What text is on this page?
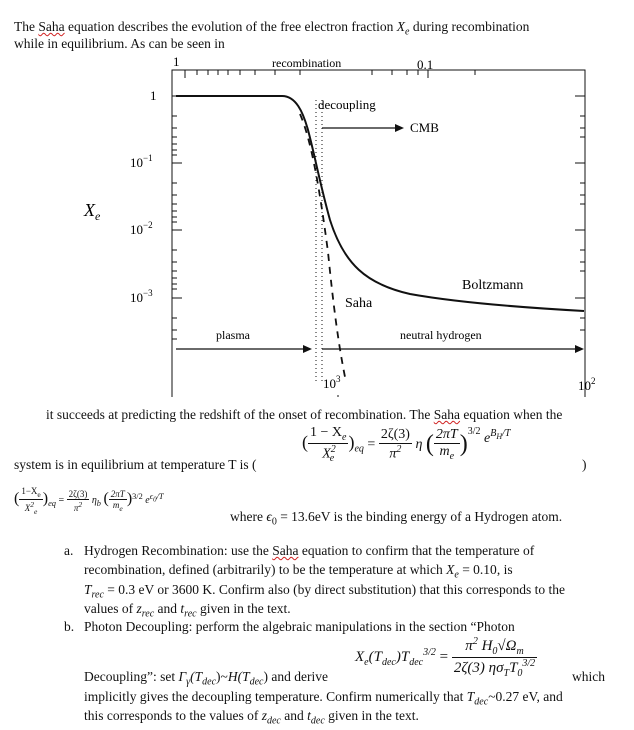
The Saha equation describes the evolution of the free electron fraction $X_e$ during recombination
while in equilibrium. As can be seen in
1	recombination	0.1
1
$10^{-1}$
$10^{-2}$
$10^{-3}$
$X_e$
decoupling
CMB
Boltzmann
Saha
plasma	neutral hydrogen
$10^3$	$10^2$
it succeeds at predicting the redshift of the onset of recombination. The Saha equation when the
( $\frac{1 - X_e}{X^2_e} )_{eq} = \frac{2\zeta(3)}{\pi^2}$ η ( $\frac{2\pi T}{m_e} )^{3/2}$ $e^{B_H/T}$
system is in equilibrium at temperature T is (	)
( $\frac{1-X_e}{X^2_e} )_{eq} = \frac{2\zeta(3)}{\pi^2} \eta_b$ ( $\frac{2\pi T}{m_e} )^{3/2}$ $e^{\epsilon_0/T}$
where $\epsilon_0 = 13.6eV$ is the binding energy of a Hydrogen atom.
a. Hydrogen Recombination: use the Saha equation to confirm that the temperature of
recombination, defined (arbitrarily) to be the temperature at which $X_e = 0.10$, is
$T_{rec} = 0.3$ eV or 3600 K. Confirm also (by direct substitution) that this corresponds to the
values of $z_{rec}$ and $t_{rec}$ given in the text.
b. Photon Decoupling: perform the algebraic manipulations in the section “Photon
$X_e(T_{dec})T_{dec}^{3/2} = \frac{\pi^2 H_0√\Omega_m}{2\zeta(3) \eta\sigma_TT_0^{3/2}}$
Decoupling”: set $\Gamma_\gamma(T_{dec})\sim H(T_{dec})$ and derive	which
implicitly gives the decoupling temperature. Confirm numerically that $T_{dec}\sim 0.27$ eV, and
this corresponds to the values of $z_{dec}$ and $t_{dec}$ given in the text.
